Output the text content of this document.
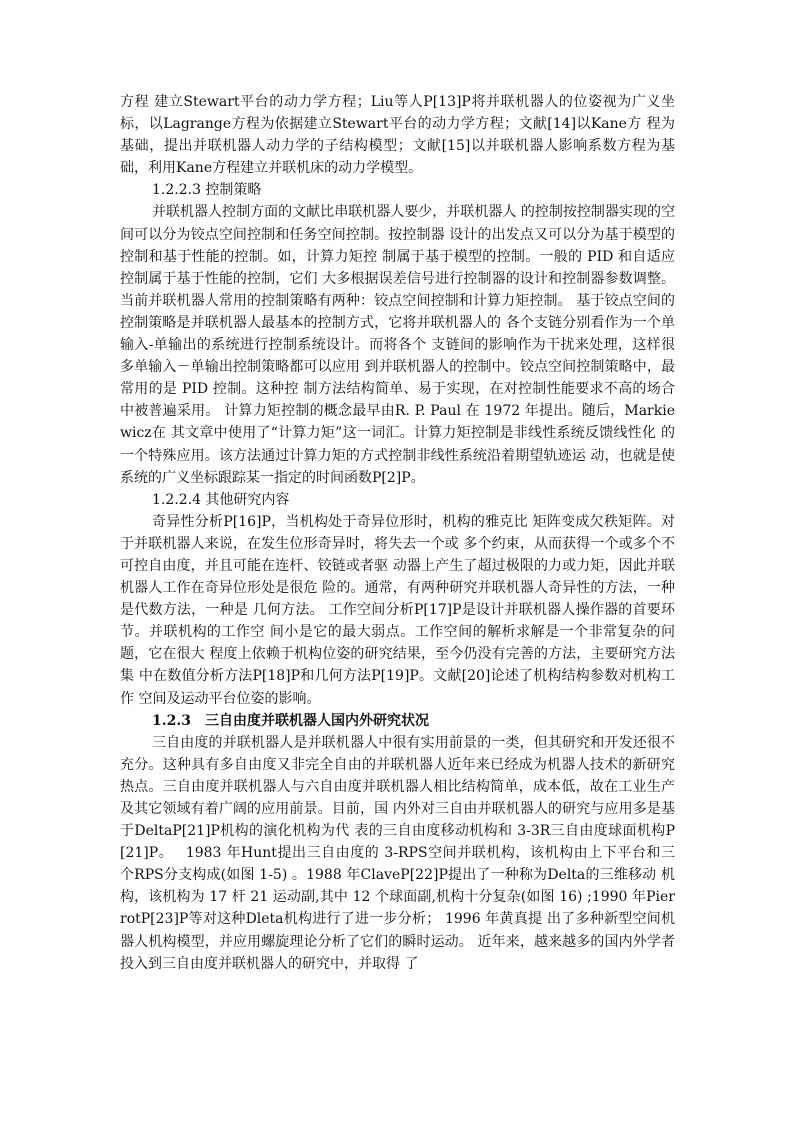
方程 建立Stewart平台的动力学方程；Liu等人P[13]P将并联机器人的位姿视为广义坐 标，以Lagrange方程为依据建立Stewart平台的动力学方程；文献[14]以Kane方 程为基础，提出并联机器人动力学的子结构模型；文献[15]以并联机器人影响系数方程为基础，利用Kane方程建立并联机床的动力学模型。

1.2.2.3 控制策略

并联机器人控制方面的文献比串联机器人要少，并联机器人 的控制按控制器实现的空间可以分为铰点空间控制和任务空间控制。按控制器 设计的出发点又可以分为基于模型的控制和基于性能的控制。如，计算力矩控 制属于基于模型的控制。一般的 PID 和自适应控制属于基于性能的控制，它们 大多根据误差信号进行控制器的设计和控制器参数调整。 当前并联机器人常用的控制策略有两种：铰点空间控制和计算力矩控制。 基于铰点空间的控制策略是并联机器人最基本的控制方式，它将并联机器人的 各个支链分别看作为一个单输入-单输出的系统进行控制系统设计。而将各个 支链间的影响作为干扰来处理，这样很多单输入－单输出控制策略都可以应用 到并联机器人的控制中。铰点空间控制策略中，最常用的是 PID 控制。这种控 制方法结构简单、易于实现，在对控制性能要求不高的场合中被普遍采用。 计算力矩控制的概念最早由R. P. Paul 在 1972 年提出。随后，Markiewicz在 其文章中使用了“计算力矩”这一词汇。计算力矩控制是非线性系统反馈线性化 的一个特殊应用。该方法通过计算力矩的方式控制非线性系统沿着期望轨迹运 动，也就是使系统的广义坐标跟踪某一指定的时间函数P[2]P。

1.2.2.4 其他研究内容

奇异性分析P[16]P，当机构处于奇异位形时，机构的雅克比 矩阵变成欠秩矩阵。对于并联机器人来说，在发生位形奇异时，将失去一个或 多个约束，从而获得一个或多个不可控自由度，并且可能在连杆、铰链或者驱 动器上产生了超过极限的力或力矩，因此并联机器人工作在奇异位形处是很危 险的。通常，有两种研究并联机器人奇异性的方法，一种是代数方法，一种是 几何方法。 工作空间分析P[17]P是设计并联机器人操作器的首要环节。并联机构的工作空 间小是它的最大弱点。工作空间的解析求解是一个非常复杂的问题，它在很大 程度上依赖于机构位姿的研究结果，至今仍没有完善的方法，主要研究方法集 中在数值分析方法P[18]P和几何方法P[19]P。文献[20]论述了机构结构参数对机构工作 空间及运动平台位姿的影响。

1.2.3　三自由度并联机器人国内外研究状况

三自由度的并联机器人是并联机器人中很有实用前景的一类，但其研究和开发还很不充分。这种具有多自由度又非完全自由的并联机器人近年来已经成为机器人技术的新研究热点。三自由度并联机器人与六自由度并联机器人相比结构简单，成本低，故在工业生产及其它领域有着广阔的应用前景。目前，国 内外对三自由并联机器人的研究与应用多是基于DeltaP[21]P机构的演化机构为代 表的三自由度移动机构和 3-3R三自由度球面机构P[21]P。　 1983 年Hunt提出三自由度的 3-RPS空间并联机构，该机构由上下平台和三 个RPS分支构成(如图 1-5) 。1988 年ClaveP[22]P提出了一种称为Delta的三维移动 机构，该机构为 17 杆 21 运动副,其中 12 个球面副,机构十分复杂(如图 16) ;1990 年PierrotP[23]P等对这种Dleta机构进行了进一步分析； 1996 年黄真提 出了多种新型空间机器人机构模型，并应用螺旋理论分析了它们的瞬时运动。 近年来，越来越多的国内外学者投入到三自由度并联机器人的研究中，并取得 了
